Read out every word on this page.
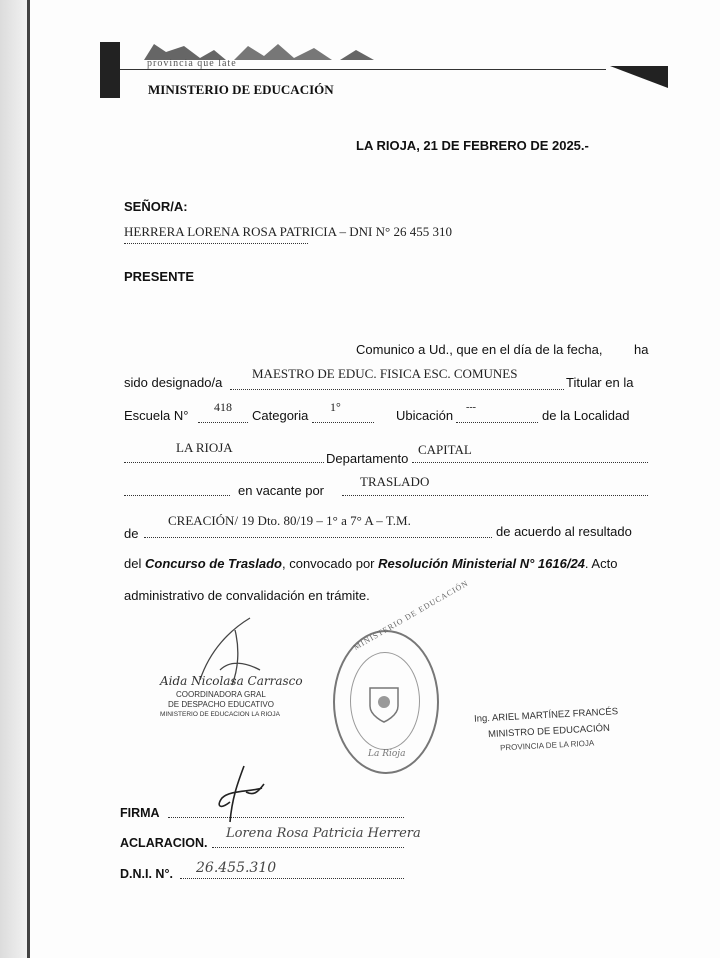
provincia que late
MINISTERIO DE EDUCACIÓN
LA RIOJA, 21 DE FEBRERO DE 2025.-
SEÑOR/A:
HERRERA LORENA ROSA PATRICIA – DNI N° 26 455 310
PRESENTE
Comunico a Ud., que en el día de la fecha, ha
sido designado/a
MAESTRO DE EDUC. FISICA ESC. COMUNES
Titular en la
Escuela N°
418
Categoria
1°
Ubicación
---
de la Localidad
LA RIOJA
Departamento
CAPITAL
en vacante por
TRASLADO
de
CREACIÓN/ 19 Dto. 80/19 – 1° a 7° A – T.M.
de acuerdo al resultado
del Concurso de Traslado, convocado por Resolución Ministerial N° 1616/24. Acto
administrativo de convalidación en trámite.
Aida Nicolasa Carrasco
COORDINADORA GRAL
DE DESPACHO EDUCATIVO
MINISTERIO DE EDUCACION LA RIOJA
MINISTERIO DE EDUCACIÓN
La Rioja
Ing. ARIEL MARTÍNEZ FRANCÉS
MINISTRO DE EDUCACIÓN
PROVINCIA DE LA RIOJA
FIRMA
ACLARACION.
Lorena Rosa Patricia Herrera
D.N.I. N°. 26.455.310
